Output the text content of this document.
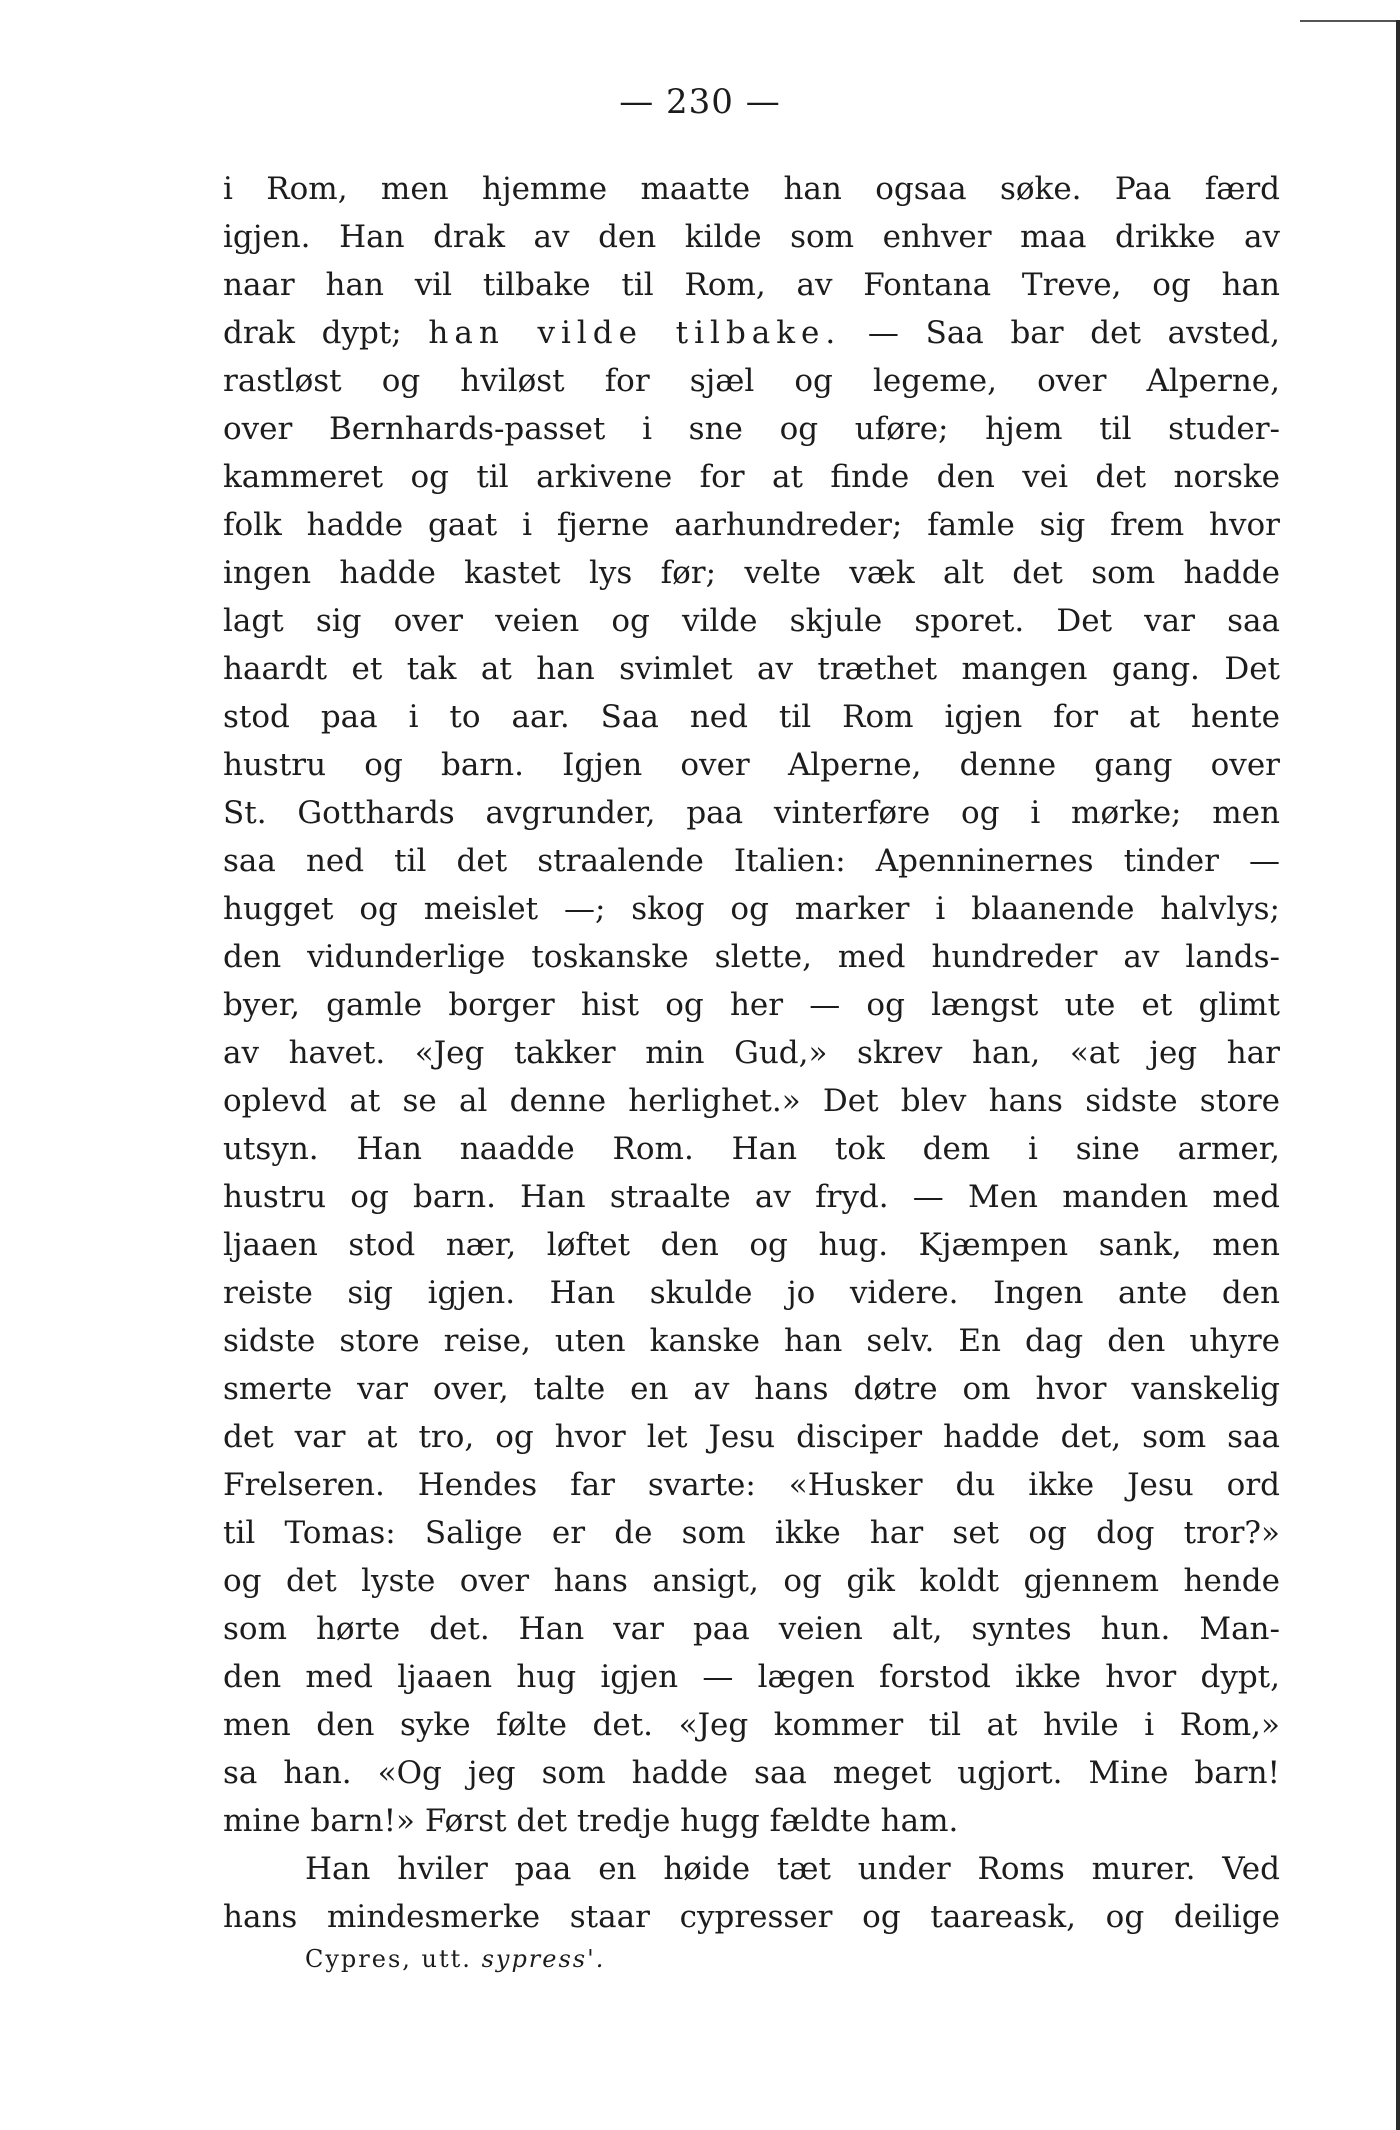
— 230 —
i Rom, men hjemme maatte han ogsaa søke. Paa færd
igjen. Han drak av den kilde som enhver maa drikke av
naar han vil tilbake til Rom, av Fontana Treve, og han
drak dypt; han vilde tilbake. — Saa bar det avsted,
rastløst og hviløst for sjæl og legeme, over Alperne,
over Bernhards-passet i sne og uføre; hjem til studer-
kammeret og til arkivene for at finde den vei det norske
folk hadde gaat i fjerne aarhundreder; famle sig frem hvor
ingen hadde kastet lys før; velte væk alt det som hadde
lagt sig over veien og vilde skjule sporet. Det var saa
haardt et tak at han svimlet av træthet mangen gang. Det
stod paa i to aar. Saa ned til Rom igjen for at hente
hustru og barn. Igjen over Alperne, denne gang over
St. Gotthards avgrunder, paa vinterføre og i mørke; men
saa ned til det straalende Italien: Apenninernes tinder —
hugget og meislet —; skog og marker i blaanende halvlys;
den vidunderlige toskanske slette, med hundreder av lands-
byer, gamle borger hist og her — og længst ute et glimt
av havet. «Jeg takker min Gud,» skrev han, «at jeg har
oplevd at se al denne herlighet.» Det blev hans sidste store
utsyn. Han naadde Rom. Han tok dem i sine armer,
hustru og barn. Han straalte av fryd. — Men manden med
ljaaen stod nær, løftet den og hug. Kjæmpen sank, men
reiste sig igjen. Han skulde jo videre. Ingen ante den
sidste store reise, uten kanske han selv. En dag den uhyre
smerte var over, talte en av hans døtre om hvor vanskelig
det var at tro, og hvor let Jesu disciper hadde det, som saa
Frelseren. Hendes far svarte: «Husker du ikke Jesu ord
til Tomas: Salige er de som ikke har set og dog tror?»
og det lyste over hans ansigt, og gik koldt gjennem hende
som hørte det. Han var paa veien alt, syntes hun. Man-
den med ljaaen hug igjen — lægen forstod ikke hvor dypt,
men den syke følte det. «Jeg kommer til at hvile i Rom,»
sa han. «Og jeg som hadde saa meget ugjort. Mine barn!
mine barn!» Først det tredje hugg fældte ham.
Han hviler paa en høide tæt under Roms murer. Ved
hans mindesmerke staar cypresser og taareask, og deilige
Cypres, utt. sypress'.
